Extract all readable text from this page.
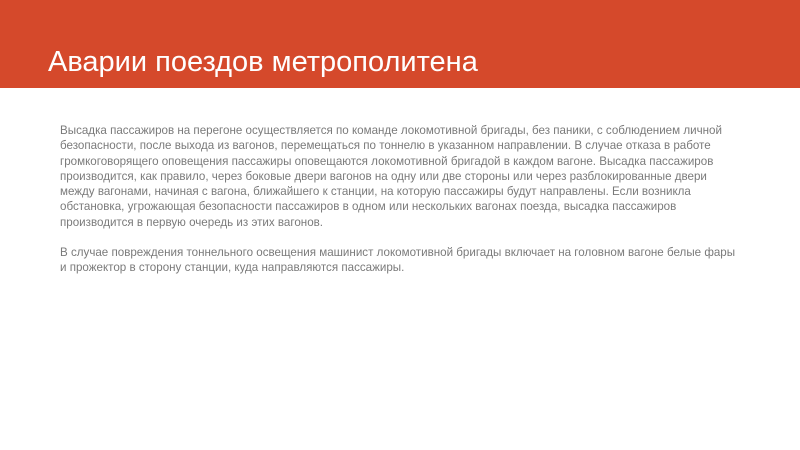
Аварии поездов метрополитена

Высадка пассажиров на перегоне осуществляется по команде локомотивной бригады, без паники, с соблюдением личной безопасности, после выхода из вагонов, перемещаться по тоннелю в указанном направлении. В случае отказа в работе громкоговорящего оповещения пассажиры оповещаются локомотивной бригадой в каждом вагоне. Высадка пассажиров производится, как правило, через боковые двери вагонов на одну или две стороны или через разблокированные двери между вагонами, начиная с вагона, ближайшего к станции, на которую пассажиры будут направлены. Если возникла обстановка, угрожающая безопасности пассажиров в одном или нескольких вагонах поезда, высадка пассажиров производится в первую очередь из этих вагонов.

В случае повреждения тоннельного освещения машинист локомотивной бригады включает на головном вагоне белые фары и прожектор в сторону станции, куда направляются пассажиры.
